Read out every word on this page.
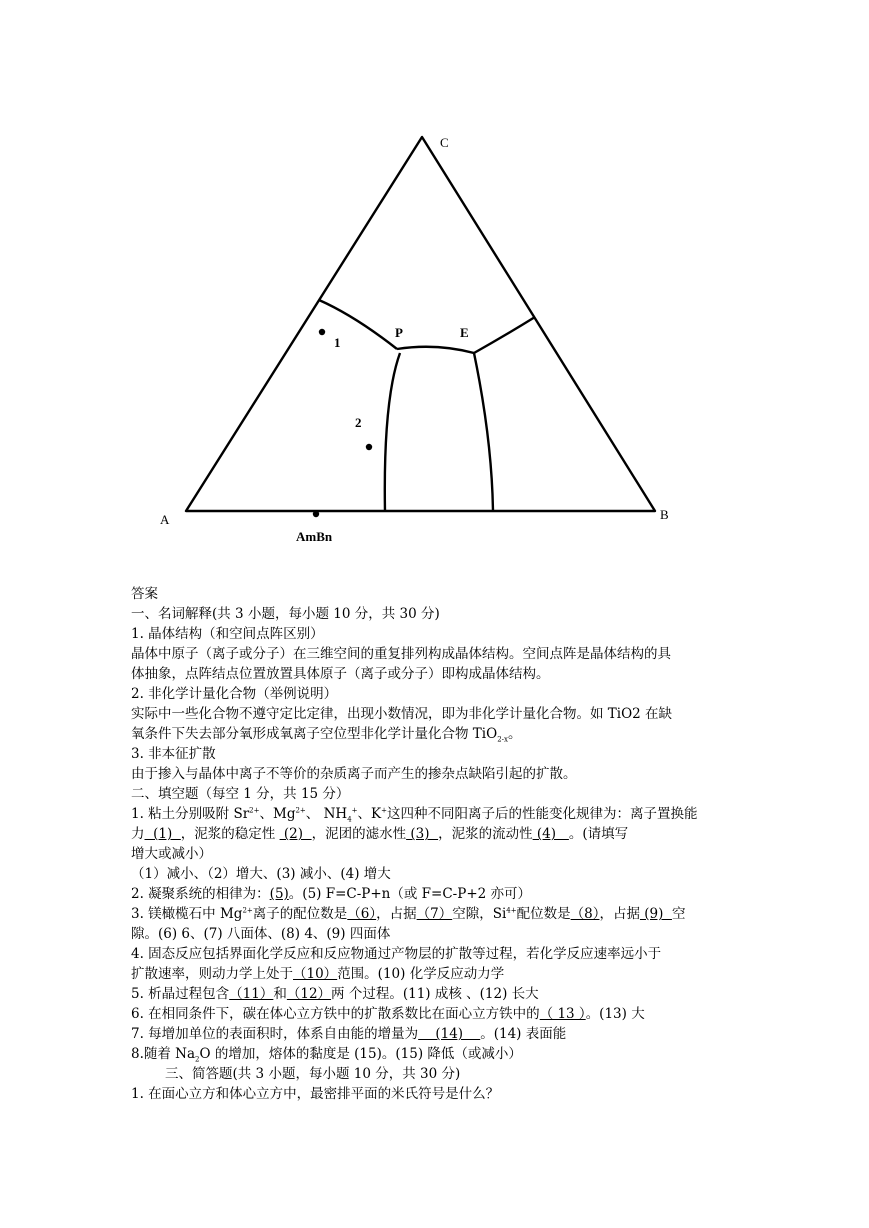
A	B
C
P	E
1
2
AmBn
答案
一、名词解释(共 3 小题，每小题 10 分，共 30 分)
1. 晶体结构（和空间点阵区别）
晶体中原子（离子或分子）在三维空间的重复排列构成晶体结构。空间点阵是晶体结构的具
体抽象，点阵结点位置放置具体原子（离子或分子）即构成晶体结构。
2. 非化学计量化合物（举例说明）
实际中一些化合物不遵守定比定律，出现小数情况，即为非化学计量化合物。如 TiO2 在缺
氧条件下失去部分氧形成氧离子空位型非化学计量化合物 TiO$_{2-x}$。
3. 非本征扩散
由于掺入与晶体中离子不等价的杂质离子而产生的掺杂点缺陷引起的扩散。
二、填空题（每空 1 分，共 15 分）
1. 粘土分别吸附 $Sr^{2+}$、$Mg^{2+}$、 $NH_4^+$、K+这四种不同阳离子后的性能变化规律为：离子置换能
力  (1)  ，泥浆的稳定性  (2)  ，泥团的滤水性 (3)  ，泥浆的流动性 (4)   。(请填写
增大或减小）
（1）减小、（2）增大、(3) 减小、(4) 增大
2. 凝聚系统的相律为：(5)。(5) F=C-P+n（或 F=C-P+2 亦可）
3. 镁橄榄石中 $Mg^{2+}$离子的配位数是（6），占据（7）空隙，$Si^{4+}$配位数是（8），占据 (9)  空
隙。(6) 6、(7) 八面体、(8) 4、(9) 四面体
4. 固态反应包括界面化学反应和反应物通过产物层的扩散等过程，若化学反应速率远小于
扩散速率，则动力学上处于（10）范围。(10) 化学反应动力学
5. 析晶过程包含（11）和（12）两 个过程。(11) 成核 、(12) 长大
6. 在相同条件下，碳在体心立方铁中的扩散系数比在面心立方铁中的（ 13 ）。(13) 大
7. 每增加单位的表面积时，体系自由能的增量为    (14)    。(14) 表面能
8.随着 $Na_2O$ 的增加，熔体的黏度是 (15)。(15) 降低（或减小）
三、简答题(共 3 小题，每小题 10 分，共 30 分)
1. 在面心立方和体心立方中，最密排平面的米氏符号是什么？
